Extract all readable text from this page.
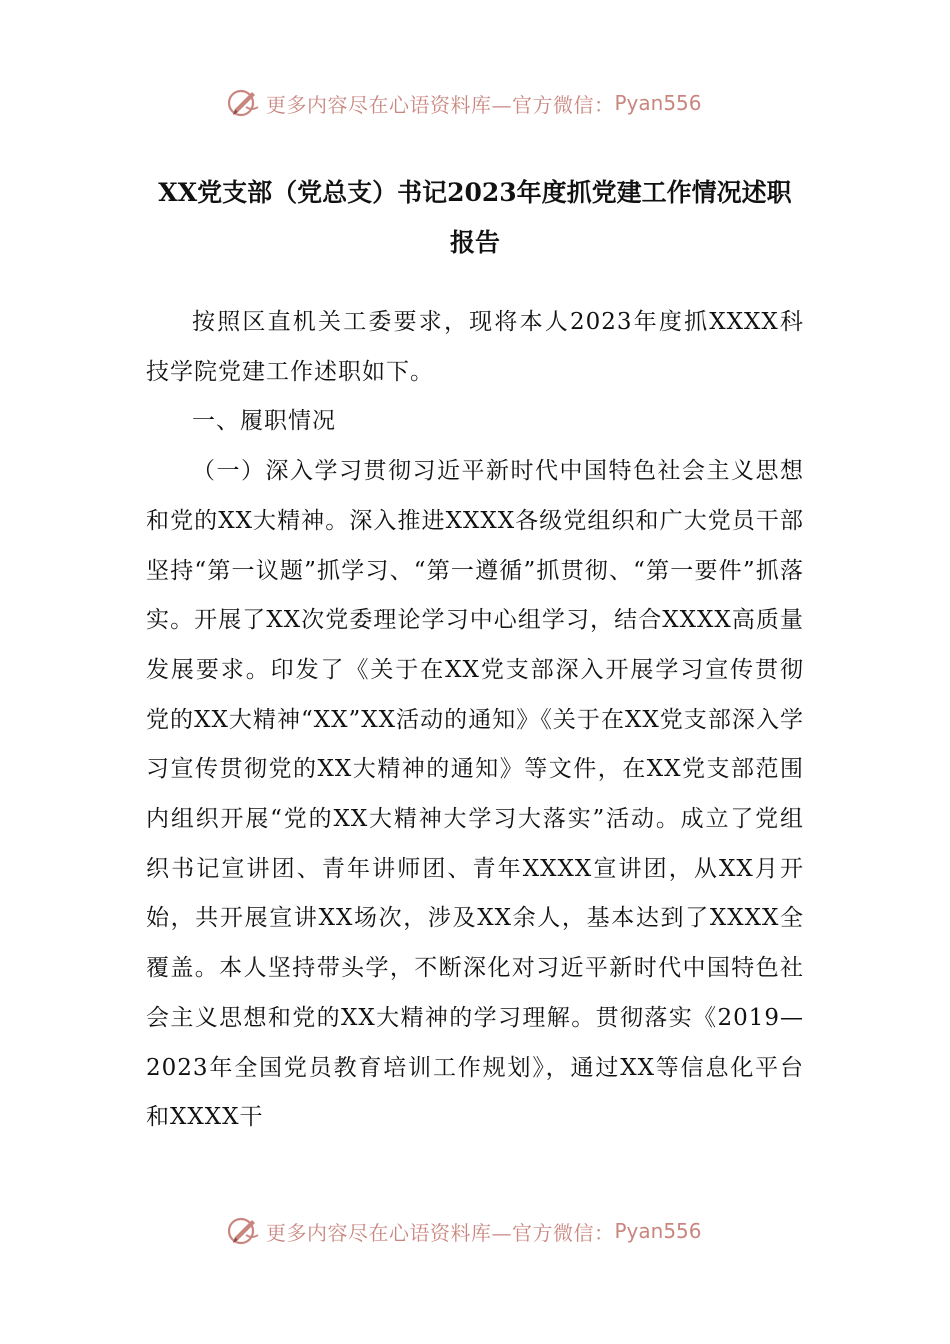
更多内容尽在心语资料库—官方微信： Pyan556
XX党支部（党总支）书记2023年度抓党建工作情况述职报告

按照区直机关工委要求，现将本人2023年度抓XXXX科技学院党建工作述职如下。

一、履职情况

（一）深入学习贯彻习近平新时代中国特色社会主义思想和党的XX大精神。深入推进XXXX各级党组织和广大党员干部坚持“第一议题”抓学习、“第一遵循”抓贯彻、“第一要件”抓落实。开展了XX次党委理论学习中心组学习，结合XXXX高质量发展要求。印发了《关于在XX党支部深入开展学习宣传贯彻党的XX大精神“XX”XX活动的通知》《关于在XX党支部深入学习宣传贯彻党的XX大精神的通知》等文件，在XX党支部范围内组织开展“党的XX大精神大学习大落实”活动。成立了党组织书记宣讲团、青年讲师团、青年XXXX宣讲团，从XX月开始，共开展宣讲XX场次，涉及XX余人，基本达到了XXXX全覆盖。本人坚持带头学，不断深化对习近平新时代中国特色社会主义思想和党的XX大精神的学习理解。贯彻落实《2019—2023年全国党员教育培训工作规划》，通过XX等信息化平台和XXXX干

更多内容尽在心语资料库—官方微信： Pyan556
